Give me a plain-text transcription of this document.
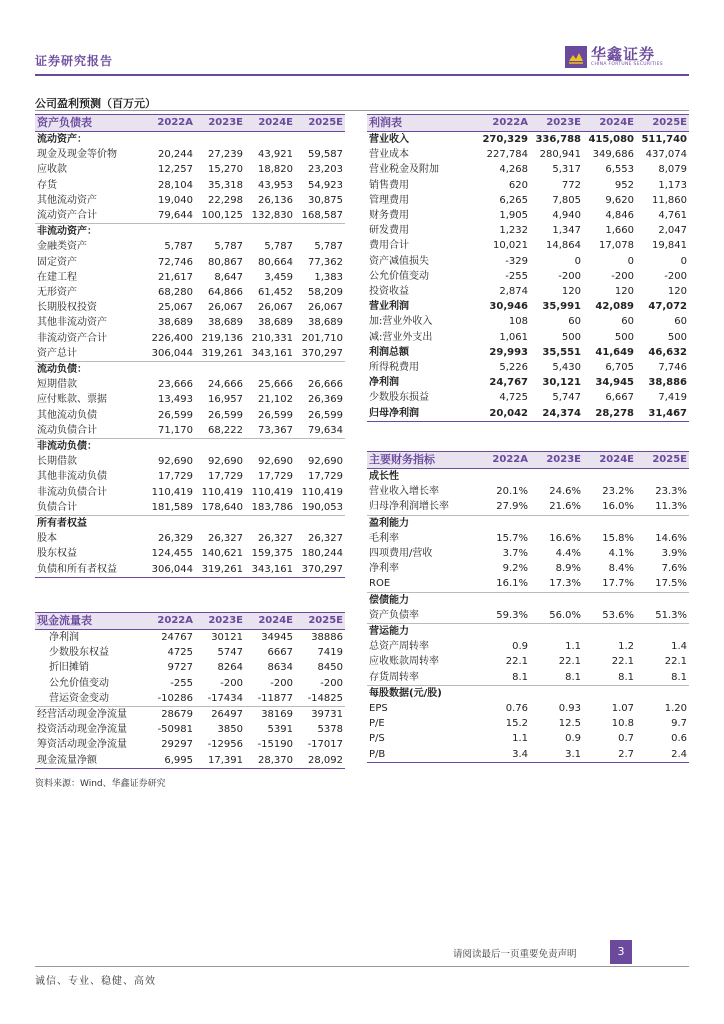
证券研究报告	华鑫证券
CHINA FORTUNE SECURITIES
公司盈利预测（百万元）
资产负债表	2022A	2023E	2024E	2025E
流动资产：				
现金及现金等价物	20,244	27,239	43,921	59,587
应收款	12,257	15,270	18,820	23,203
存货	28,104	35,318	43,953	54,923
其他流动资产	19,040	22,298	26,136	30,875
流动资产合计	79,644	100,125	132,830	168,587
非流动资产：				
金融类资产	5,787	5,787	5,787	5,787
固定资产	72,746	80,867	80,664	77,362
在建工程	21,617	8,647	3,459	1,383
无形资产	68,280	64,866	61,452	58,209
长期股权投资	25,067	26,067	26,067	26,067
其他非流动资产	38,689	38,689	38,689	38,689
非流动资产合计	226,400	219,136	210,331	201,710
资产总计	306,044	319,261	343,161	370,297
流动负债：				
短期借款	23,666	24,666	25,666	26,666
应付账款、票据	13,493	16,957	21,102	26,369
其他流动负债	26,599	26,599	26,599	26,599
流动负债合计	71,170	68,222	73,367	79,634
非流动负债：				
长期借款	92,690	92,690	92,690	92,690
其他非流动负债	17,729	17,729	17,729	17,729
非流动负债合计	110,419	110,419	110,419	110,419
负债合计	181,589	178,640	183,786	190,053
所有者权益				
股本	26,329	26,327	26,327	26,327
股东权益	124,455	140,621	159,375	180,244
负债和所有者权益	306,044	319,261	343,161	370,297
利润表	2022A	2023E	2024E	2025E
营业收入	270,329	336,788	415,080	511,740
营业成本	227,784	280,941	349,686	437,074
营业税金及附加	4,268	5,317	6,553	8,079
销售费用	620	772	952	1,173
管理费用	6,265	7,805	9,620	11,860
财务费用	1,905	4,940	4,846	4,761
研发费用	1,232	1,347	1,660	2,047
费用合计	10,021	14,864	17,078	19,841
资产减值损失	-329	0	0	0
公允价值变动	-255	-200	-200	-200
投资收益	2,874	120	120	120
营业利润	30,946	35,991	42,089	47,072
加:营业外收入	108	60	60	60
减:营业外支出	1,061	500	500	500
利润总额	29,993	35,551	41,649	46,632
所得税费用	5,226	5,430	6,705	7,746
净利润	24,767	30,121	34,945	38,886
少数股东损益	4,725	5,747	6,667	7,419
归母净利润	20,042	24,374	28,278	31,467
主要财务指标	2022A	2023E	2024E	2025E
成长性				
营业收入增长率	20.1%	24.6%	23.2%	23.3%
归母净利润增长率	27.9%	21.6%	16.0%	11.3%
盈利能力				
毛利率	15.7%	16.6%	15.8%	14.6%
四项费用/营收	3.7%	4.4%	4.1%	3.9%
净利率	9.2%	8.9%	8.4%	7.6%
ROE	16.1%	17.3%	17.7%	17.5%
偿债能力				
资产负债率	59.3%	56.0%	53.6%	51.3%
营运能力				
总资产周转率	0.9	1.1	1.2	1.4
应收账款周转率	22.1	22.1	22.1	22.1
存货周转率	8.1	8.1	8.1	8.1
每股数据(元/股)				
EPS	0.76	0.93	1.07	1.20
P/E	15.2	12.5	10.8	9.7
P/S	1.1	0.9	0.7	0.6
P/B	3.4	3.1	2.7	2.4
现金流量表	2022A	2023E	2024E	2025E
净利润	24767	30121	34945	38886
少数股东权益	4725	5747	6667	7419
折旧摊销	9727	8264	8634	8450
公允价值变动	-255	-200	-200	-200
营运资金变动	-10286	-17434	-11877	-14825
经营活动现金净流量	28679	26497	38169	39731
投资活动现金净流量	-50981	3850	5391	5378
筹资活动现金净流量	29297	-12956	-15190	-17017
现金流量净额	6,995	17,391	28,370	28,092
资料来源：Wind、华鑫证券研究
请阅读最后一页重要免责声明	3
诚信、专业、稳健、高效
